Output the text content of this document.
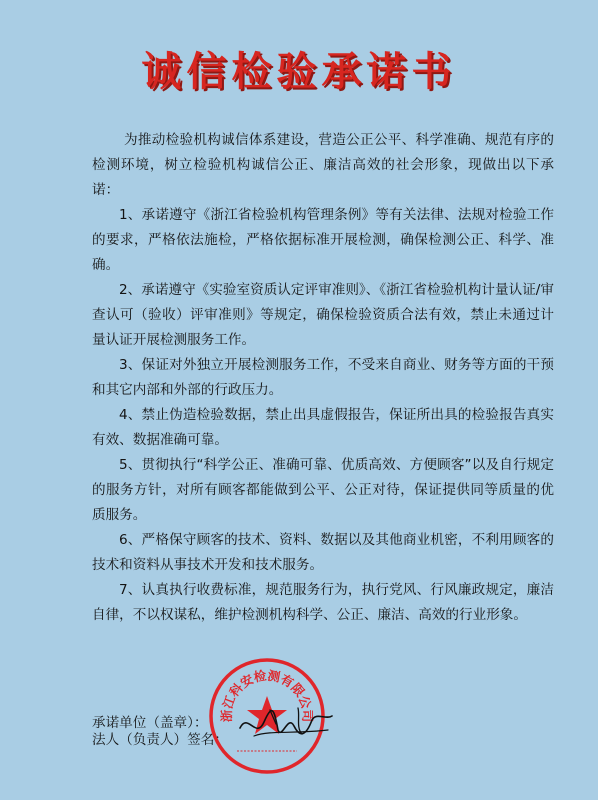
诚信检验承诺书

为推动检验机构诚信体系建设，营造公正公平、科学准确、规范有序的检测环境，树立检验机构诚信公正、廉洁高效的社会形象，现做出以下承诺：

1、承诺遵守《浙江省检验机构管理条例》等有关法律、法规对检验工作的要求，严格依法施检，严格依据标准开展检测，确保检测公正、科学、准确。

2、承诺遵守《实验室资质认定评审准则》、《浙江省检验机构计量认证/审查认可（验收）评审准则》等规定，确保检验资质合法有效，禁止未通过计量认证开展检测服务工作。

3、保证对外独立开展检测服务工作，不受来自商业、财务等方面的干预和其它内部和外部的行政压力。

4、禁止伪造检验数据，禁止出具虚假报告，保证所出具的检验报告真实有效、数据准确可靠。

5、贯彻执行“科学公正、准确可靠、优质高效、方便顾客”以及自行规定的服务方针，对所有顾客都能做到公平、公正对待，保证提供同等质量的优质服务。

6、严格保守顾客的技术、资料、数据以及其他商业机密，不利用顾客的技术和资料从事技术开发和技术服务。

7、认真执行收费标准，规范服务行为，执行党风、行风廉政规定，廉洁自律，不以权谋私，维护检测机构科学、公正、廉洁、高效的行业形象。

承诺单位（盖章）：
法人（负责人）签名：
浙江科安检测有限公司
